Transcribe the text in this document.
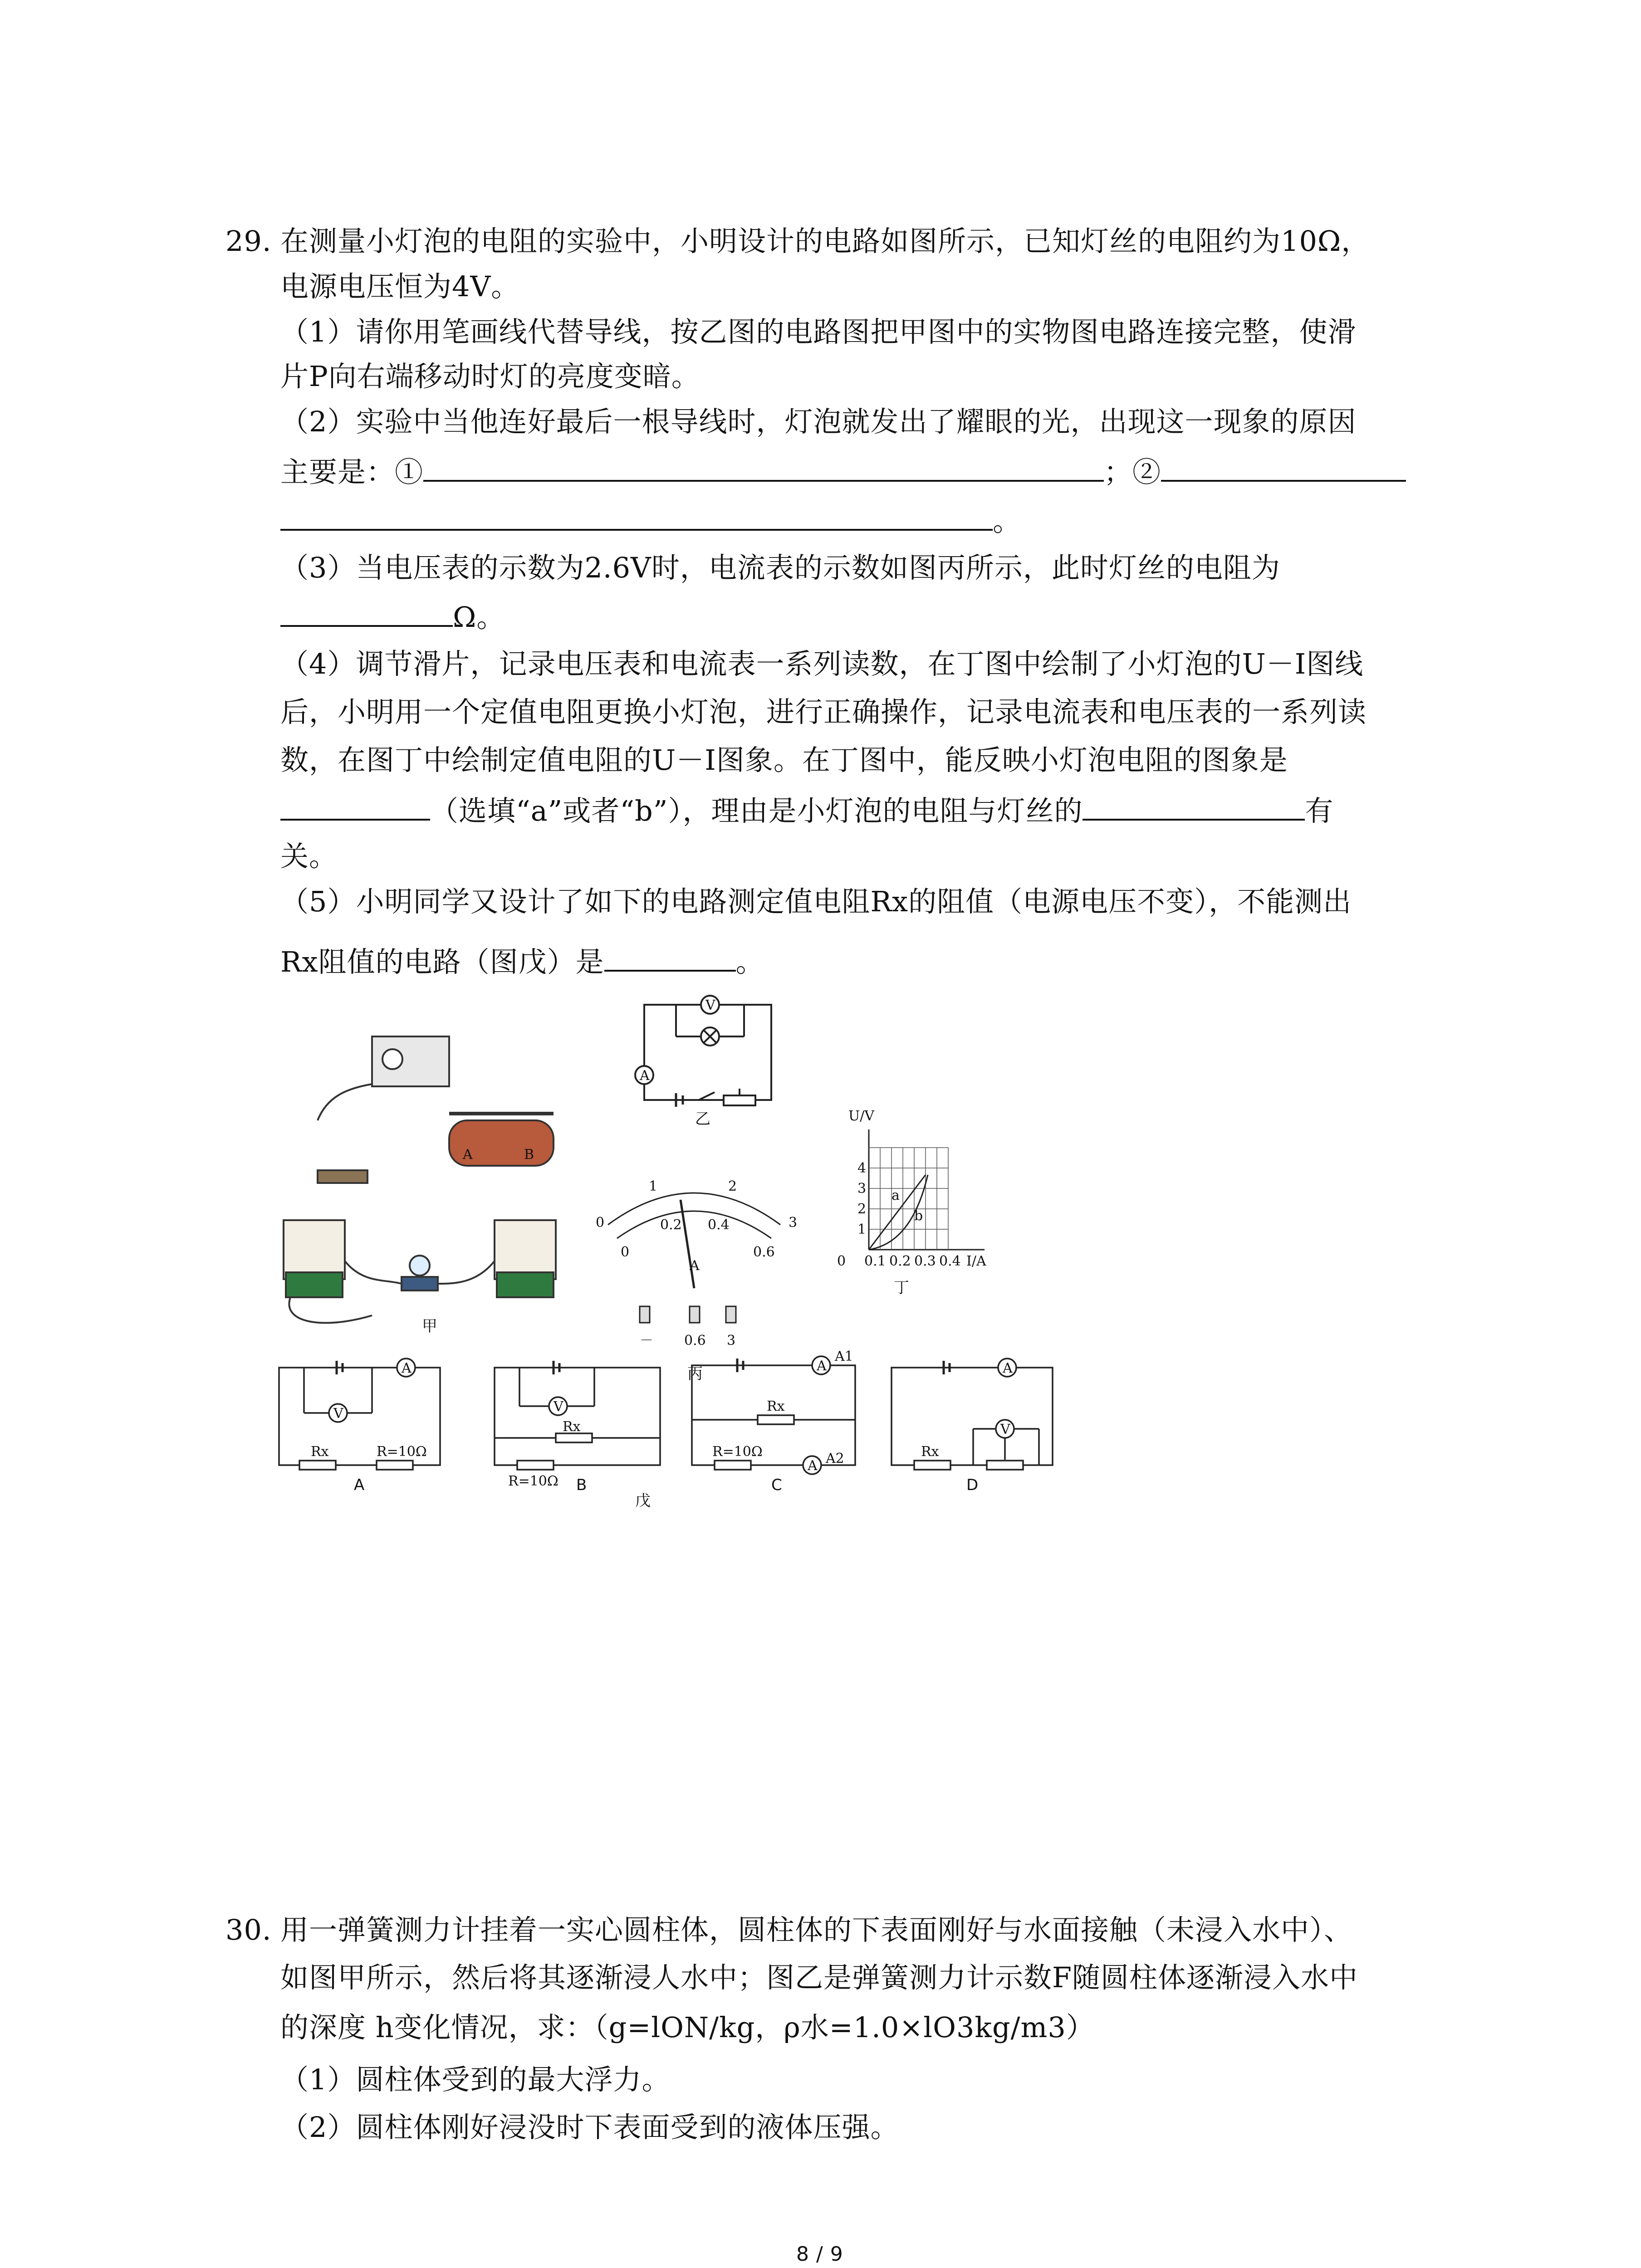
29. 在测量小灯泡的电阻的实验中，小明设计的电路如图所示，已知灯丝的电阻约为10Ω，
电源电压恒为4V。
（1）请你用笔画线代替导线，按乙图的电路图把甲图中的实物图电路连接完整，使滑
片P向右端移动时灯的亮度变暗。
（2）实验中当他连好最后一根导线时，灯泡就发出了耀眼的光，出现这一现象的原因
主要是：①	；②
。
（3）当电压表的示数为2.6V时，电流表的示数如图丙所示，此时灯丝的电阻为
Ω。
（4）调节滑片，记录电压表和电流表一系列读数，在丁图中绘制了小灯泡的U－I图线
后，小明用一个定值电阻更换小灯泡，进行正确操作，记录电流表和电压表的一系列读
数，在图丁中绘制定值电阻的U－I图象。在丁图中，能反映小灯泡电阻的图象是
（选填“a”或者“b”），理由是小灯泡的电阻与灯丝的	有
关。
（5）小明同学又设计了如下的电路测定值电阻Rx的阻值（电源电压不变），不能测出
Rx阻值的电路（图戊）是	。
A	B
甲
V
A
乙
0
1	2
3
0
0.2 0.4
0.6
A
－ 0.6 3
丙
U/V
1
2
3
4
0 0.1 0.2 0.3 0.4 I/A
a
b
丁
A
V	V
A
A
A
V
Rx	R=10Ω
Rx
R=10Ω
Rx
R=10Ω
A1
A2	Rx
A	B	C	D
戊
30. 用一弹簧测力计挂着一实心圆柱体，圆柱体的下表面刚好与水面接触（未浸入水中）、
如图甲所示，然后将其逐渐浸人水中；图乙是弹簧测力计示数F随圆柱体逐渐浸入水中
的深度 h变化情况，求：（g=lON/kg，ρ水=1.0×lO3kg/m3）
（1）圆柱体受到的最大浮力。
（2）圆柱体刚好浸没时下表面受到的液体压强。
8 / 9
